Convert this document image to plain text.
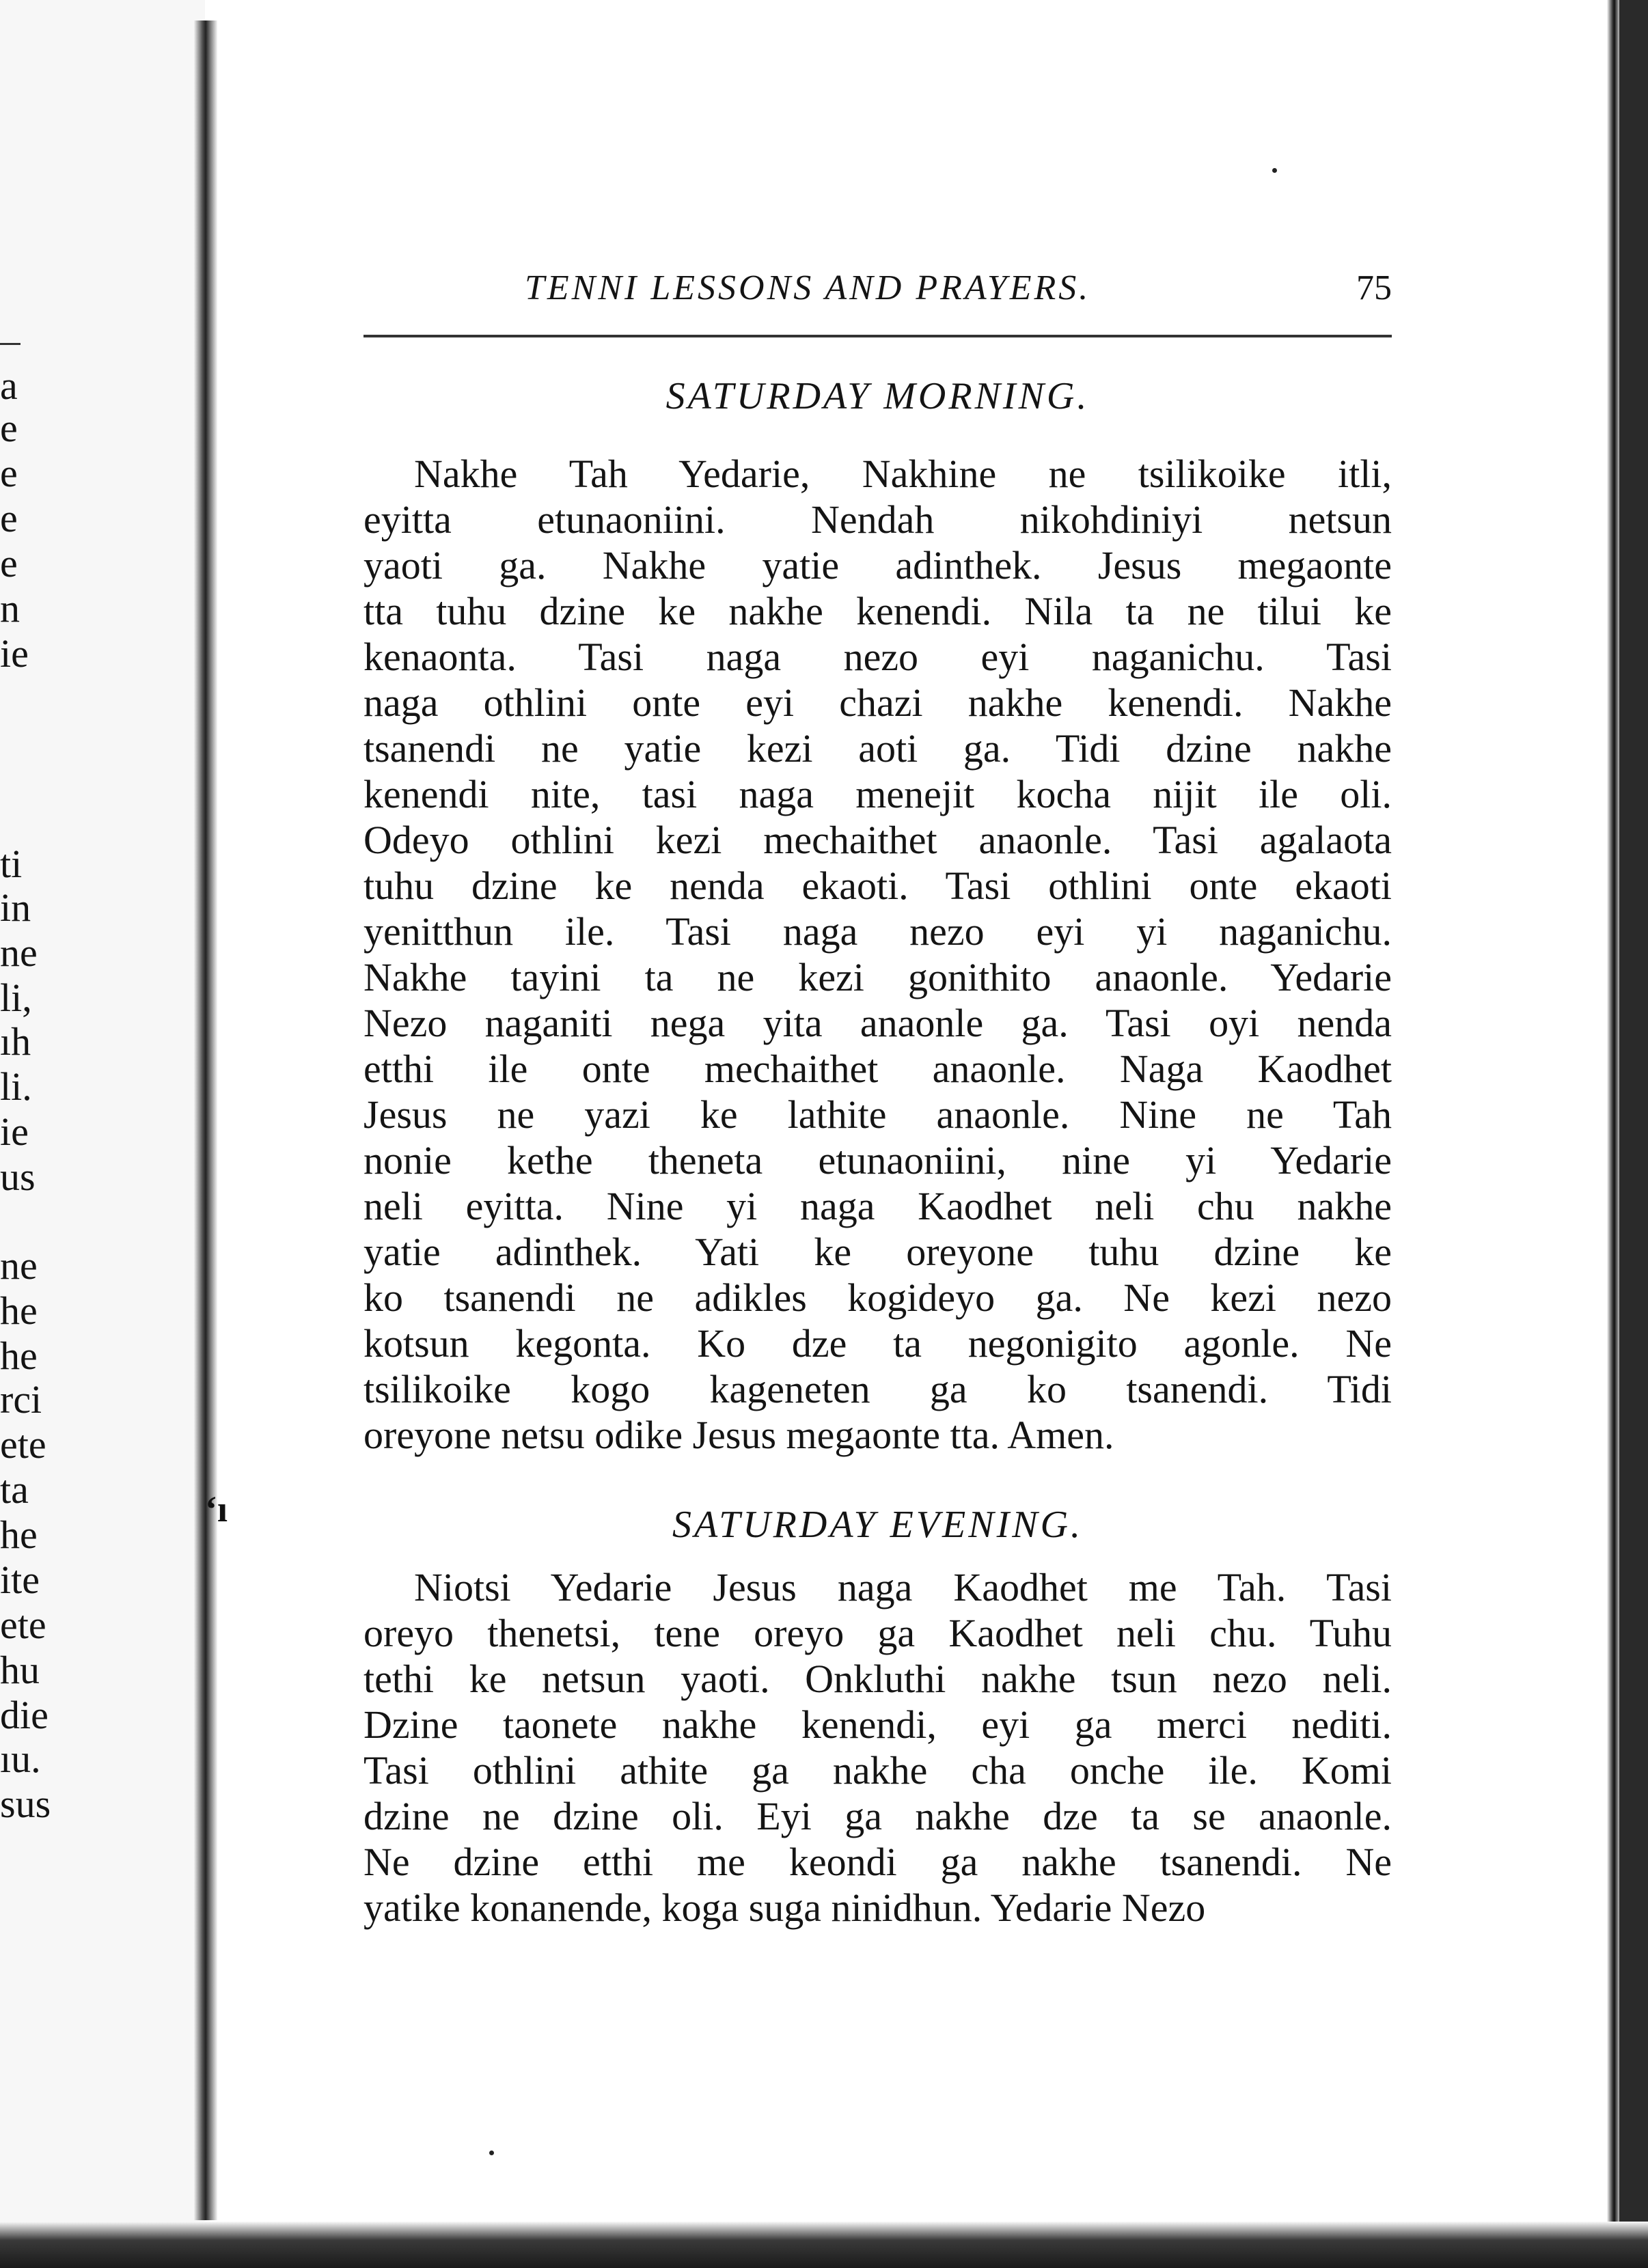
a
e
e
e
e
n
ie
ti
in
ne
li,
ıh
li.
ie
us
ne
he
he
rci
ete
ta
he
ite
ete
hu
die
ıu.
sus
ʻı
TENNI LESSONS AND PRAYERS.	75
SATURDAY MORNING.
Nakhe Tah Yedarie, Nakhine ne tsilikoike itli,
eyitta etunaoniini. Nendah nikohdiniyi netsun
yaoti ga. Nakhe yatie adinthek. Jesus megaonte
tta tuhu dzine ke nakhe kenendi. Nila ta ne tilui ke
kenaonta. Tasi naga nezo eyi naganichu. Tasi
naga othlini onte eyi chazi nakhe kenendi. Nakhe
tsanendi ne yatie kezi aoti ga. Tidi dzine nakhe
kenendi nite, tasi naga menejit kocha nijit ile oli.
Odeyo othlini kezi mechaithet anaonle. Tasi agalaota
tuhu dzine ke nenda ekaoti. Tasi othlini onte ekaoti
yenitthun ile. Tasi naga nezo eyi yi naganichu.
Nakhe tayini ta ne kezi gonithito anaonle. Yedarie
Nezo naganiti nega yita anaonle ga. Tasi oyi nenda
etthi ile onte mechaithet anaonle. Naga Kaodhet
Jesus ne yazi ke lathite anaonle. Nine ne Tah
nonie kethe theneta etunaoniini, nine yi Yedarie
neli eyitta. Nine yi naga Kaodhet neli chu nakhe
yatie adinthek. Yati ke oreyone tuhu dzine ke
ko tsanendi ne adikles kogideyo ga. Ne kezi nezo
kotsun kegonta. Ko dze ta negonigito agonle. Ne
tsilikoike kogo kageneten ga ko tsanendi. Tidi
oreyone netsu odike Jesus megaonte tta. Amen.
SATURDAY EVENING.
Niotsi Yedarie Jesus naga Kaodhet me Tah. Tasi
oreyo thenetsi, tene oreyo ga Kaodhet neli chu. Tuhu
tethi ke netsun yaoti. Onkluthi nakhe tsun nezo neli.
Dzine taonete nakhe kenendi, eyi ga merci nediti.
Tasi othlini athite ga nakhe cha onche ile. Komi
dzine ne dzine oli. Eyi ga nakhe dze ta se anaonle.
Ne dzine etthi me keondi ga nakhe tsanendi. Ne
yatike konanende, koga suga ninidhun. Yedarie Nezo
